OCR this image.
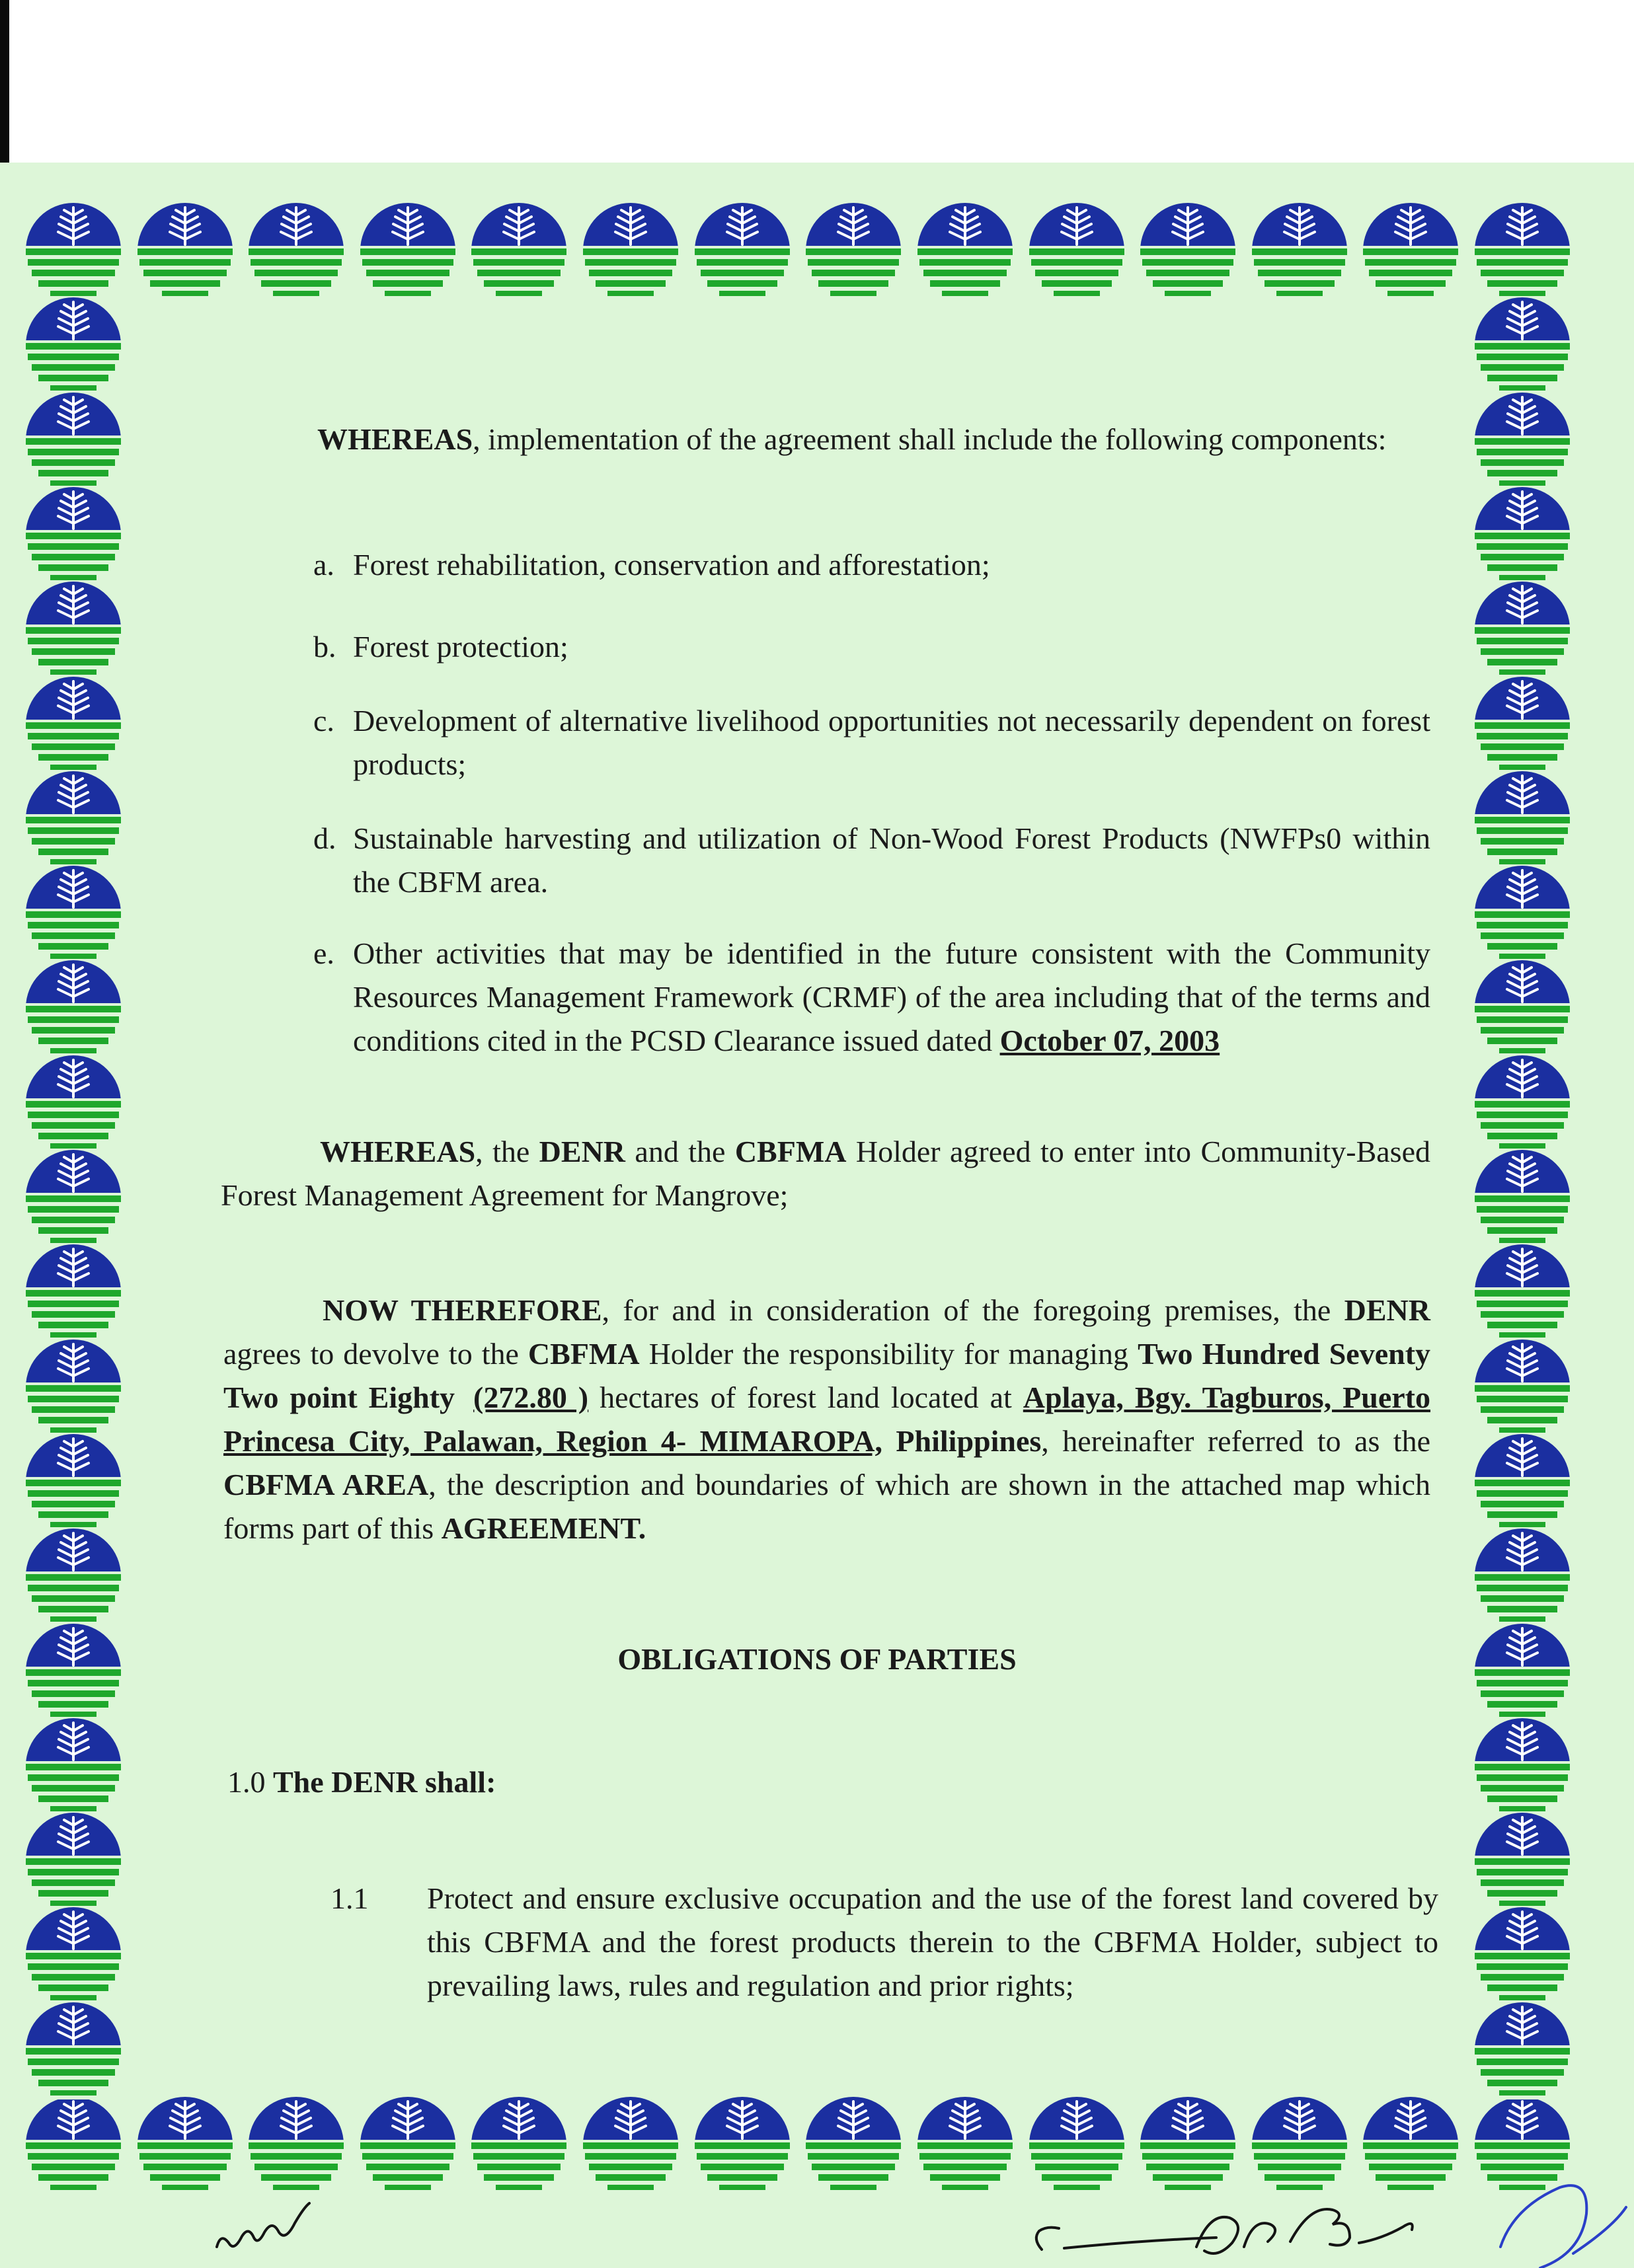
WHEREAS, implementation of the agreement shall include the following components:
a. Forest rehabilitation, conservation and afforestation;
b. Forest protection;
c. Development of alternative livelihood opportunities not necessarily dependent on forest products;
d. Sustainable harvesting and utilization of Non-Wood Forest Products (NWFPs0 within the CBFM area.
e. Other activities that may be identified in the future consistent with the Community Resources Management Framework (CRMF) of the area including that of the terms and conditions cited in the PCSD Clearance issued dated October 07, 2003
WHEREAS, the DENR and the CBFMA Holder agreed to enter into Community-Based Forest Management Agreement for Mangrove;
NOW THEREFORE, for and in consideration of the foregoing premises, the DENR agrees to devolve to the CBFMA Holder the responsibility for managing Two Hundred Seventy Two point Eighty (272.80 ) hectares of forest land located at Aplaya, Bgy. Tagburos, Puerto Princesa City, Palawan, Region 4- MIMAROPA, Philippines, hereinafter referred to as the CBFMA AREA, the description and boundaries of which are shown in the attached map which forms part of this AGREEMENT.
OBLIGATIONS OF PARTIES
1.0 The DENR shall:
1.1 Protect and ensure exclusive occupation and the use of the forest land covered by this CBFMA and the forest products therein to the CBFMA Holder, subject to prevailing laws, rules and regulation and prior rights;
